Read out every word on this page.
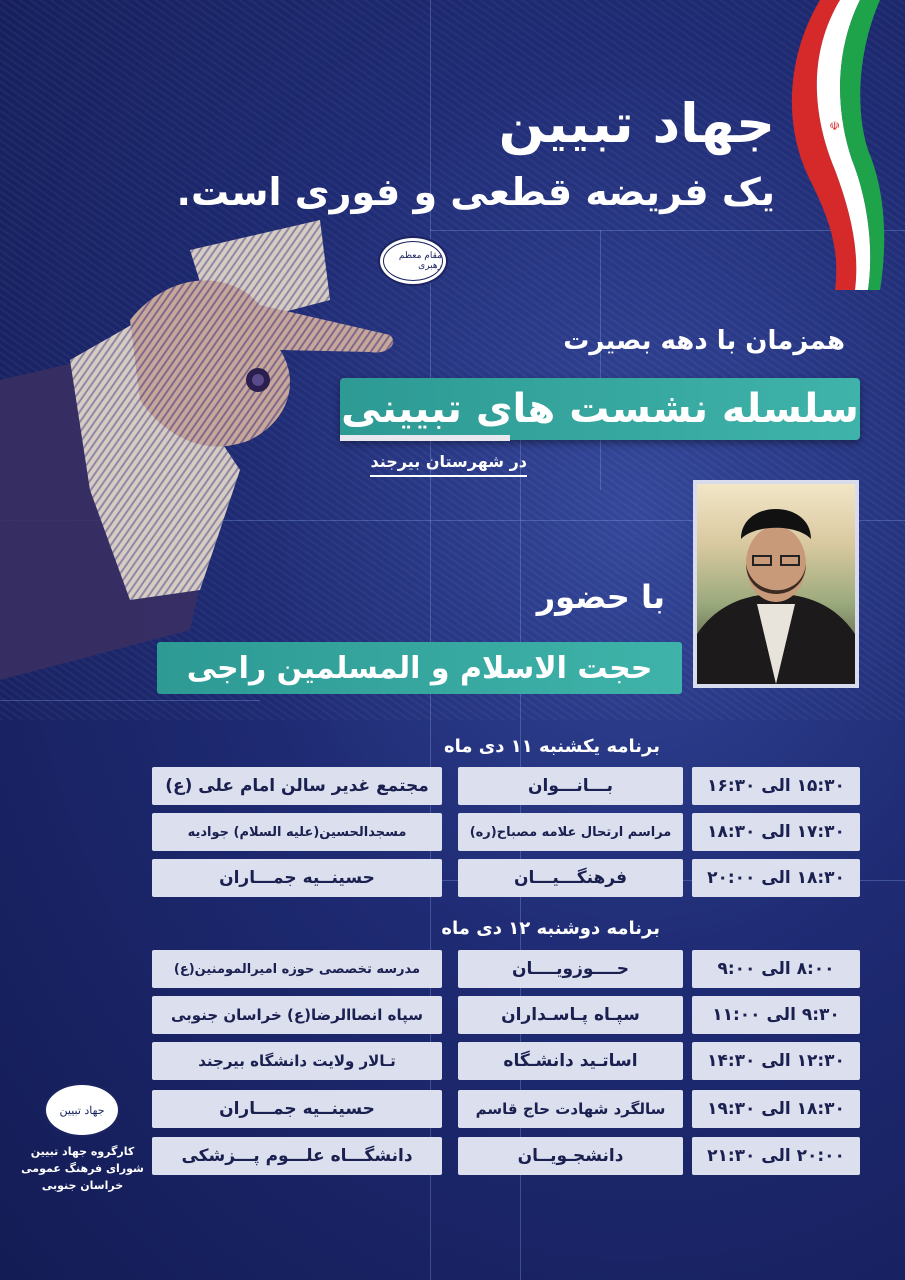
☫
جهاد تبیین
یک فریضه قطعی و فوری است.
مقام معظم رهبری
همزمان با دهه بصیرت
سلسله نشست های تبیینی
در شهرستان بیرجند
با حضور
حجت الاسلام و المسلمین راجی
برنامه یکشنبه ۱۱ دی ماه
۱۵:۳۰ الی ۱۶:۳۰
بـــانـــوان
مجتمع غدیر سالن امام علی (ع)
۱۷:۳۰ الی ۱۸:۳۰
مراسم ارتحال علامه مصباح(ره)
مسجدالحسین(علیه السلام) جوادیه
۱۸:۳۰ الی ۲۰:۰۰
فرهنگـــیـــان
حسینــیه جمـــاران
برنامه دوشنبه ۱۲ دی ماه
۸:۰۰ الی ۹:۰۰
حــــوزویــــان
مدرسه تخصصی حوزه امیرالمومنین(ع)
۹:۳۰ الی ۱۱:۰۰
سپـاه پـاسـداران
سپاه انصاالرضا(ع) خراسان جنوبی
۱۲:۳۰ الی ۱۴:۳۰
اساتـید دانشـگاه
تـالار ولایت دانشگاه بیرجند
۱۸:۳۰ الی ۱۹:۳۰
سالگرد شهادت حاج قاسم
حسینــیه جمـــاران
۲۰:۰۰ الی ۲۱:۳۰
دانشجـویــان
دانشگـــاه علـــوم پـــزشکی
جهاد تبیین
کارگروه جهاد تبیین
شورای فرهنگ عمومی
خراسان جنوبی
